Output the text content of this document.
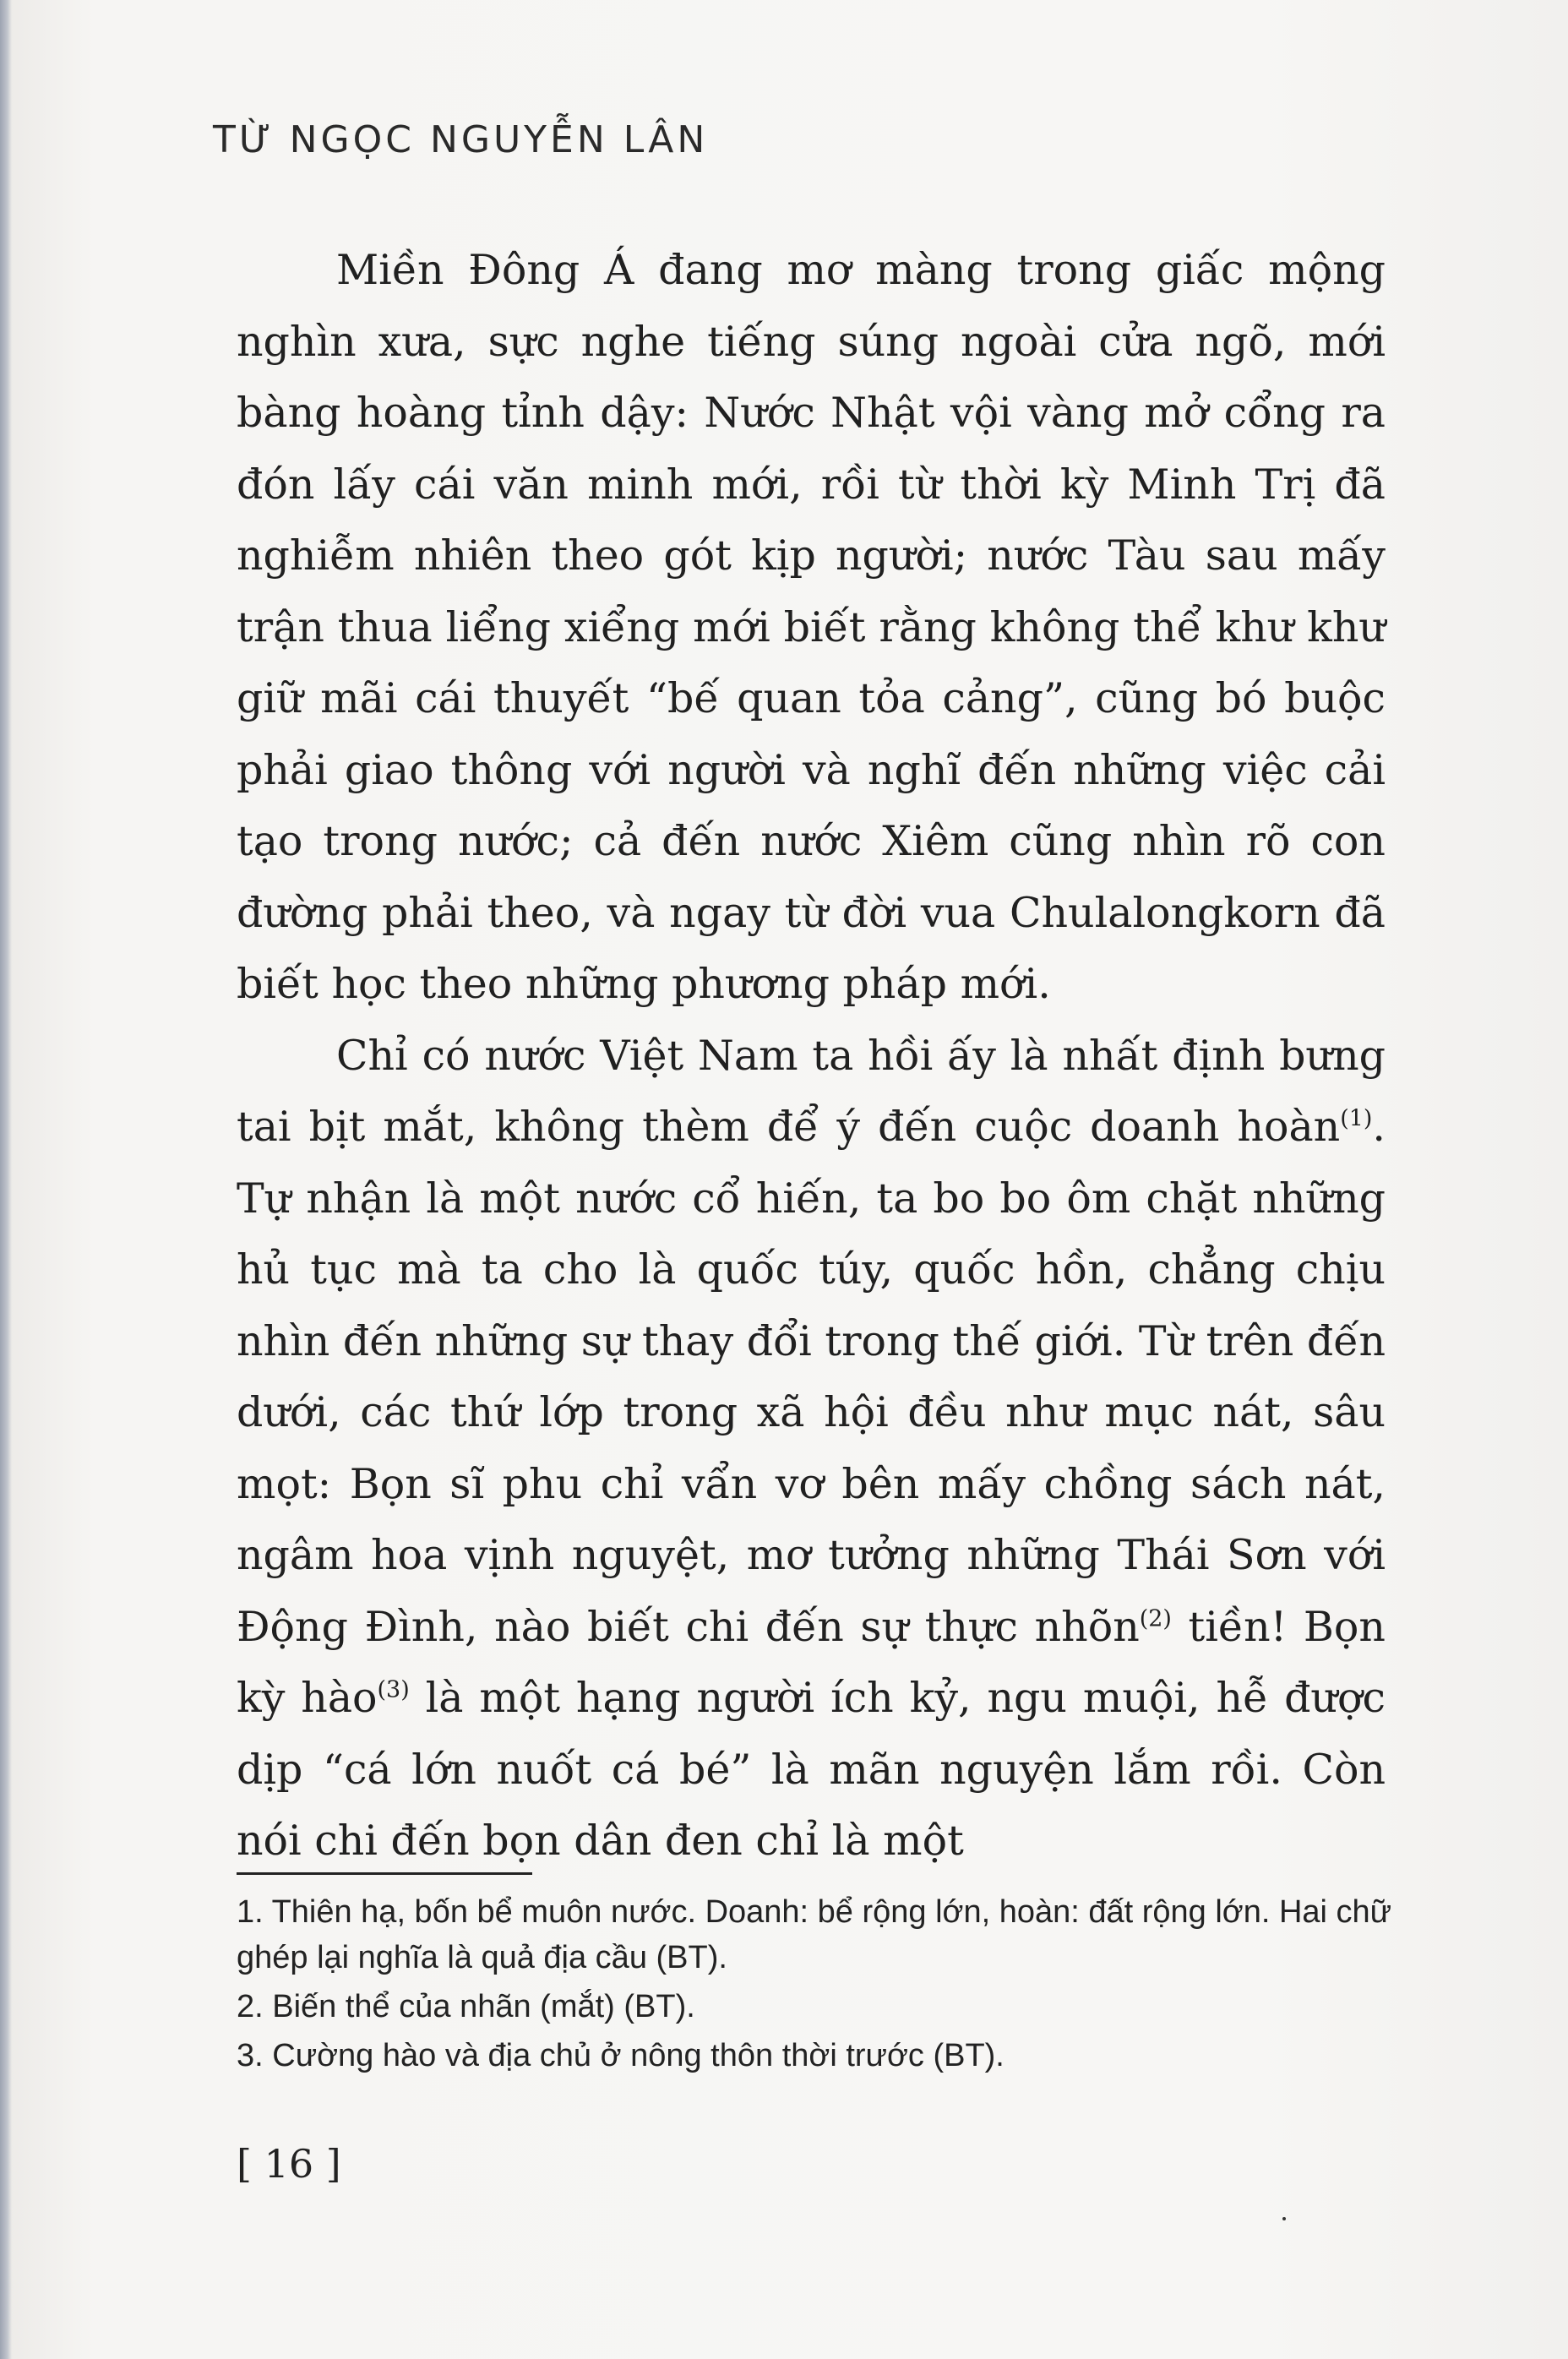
TỪ NGỌC NGUYỄN LÂN

Miền Đông Á đang mơ màng trong giấc mộng nghìn xưa, sực nghe tiếng súng ngoài cửa ngõ, mới bàng hoàng tỉnh dậy: Nước Nhật vội vàng mở cổng ra đón lấy cái văn minh mới, rồi từ thời kỳ Minh Trị đã nghiễm nhiên theo gót kịp người; nước Tàu sau mấy trận thua liểng xiểng mới biết rằng không thể khư khư giữ mãi cái thuyết “bế quan tỏa cảng”, cũng bó buộc phải giao thông với người và nghĩ đến những việc cải tạo trong nước; cả đến nước Xiêm cũng nhìn rõ con đường phải theo, và ngay từ đời vua Chulalongkorn đã biết học theo những phương pháp mới.

Chỉ có nước Việt Nam ta hồi ấy là nhất định bưng tai bịt mắt, không thèm để ý đến cuộc doanh hoàn$^{(1)}$. Tự nhận là một nước cổ hiến, ta bo bo ôm chặt những hủ tục mà ta cho là quốc túy, quốc hồn, chẳng chịu nhìn đến những sự thay đổi trong thế giới. Từ trên đến dưới, các thứ lớp trong xã hội đều như mục nát, sâu mọt: Bọn sĩ phu chỉ vẩn vơ bên mấy chồng sách nát, ngâm hoa vịnh nguyệt, mơ tưởng những Thái Sơn với Động Đình, nào biết chi đến sự thực nhõn$^{(2)}$ tiền! Bọn kỳ hào$^{(3)}$ là một hạng người ích kỷ, ngu muội, hễ được dịp “cá lớn nuốt cá bé” là mãn nguyện lắm rồi. Còn nói chi đến bọn dân đen chỉ là một

1. Thiên hạ, bốn bể muôn nước. Doanh: bể rộng lớn, hoàn: đất rộng lớn. Hai chữ ghép lại nghĩa là quả địa cầu (BT).

2. Biến thể của nhãn (mắt) (BT).

3. Cường hào và địa chủ ở nông thôn thời trước (BT).

[ 16 ]
